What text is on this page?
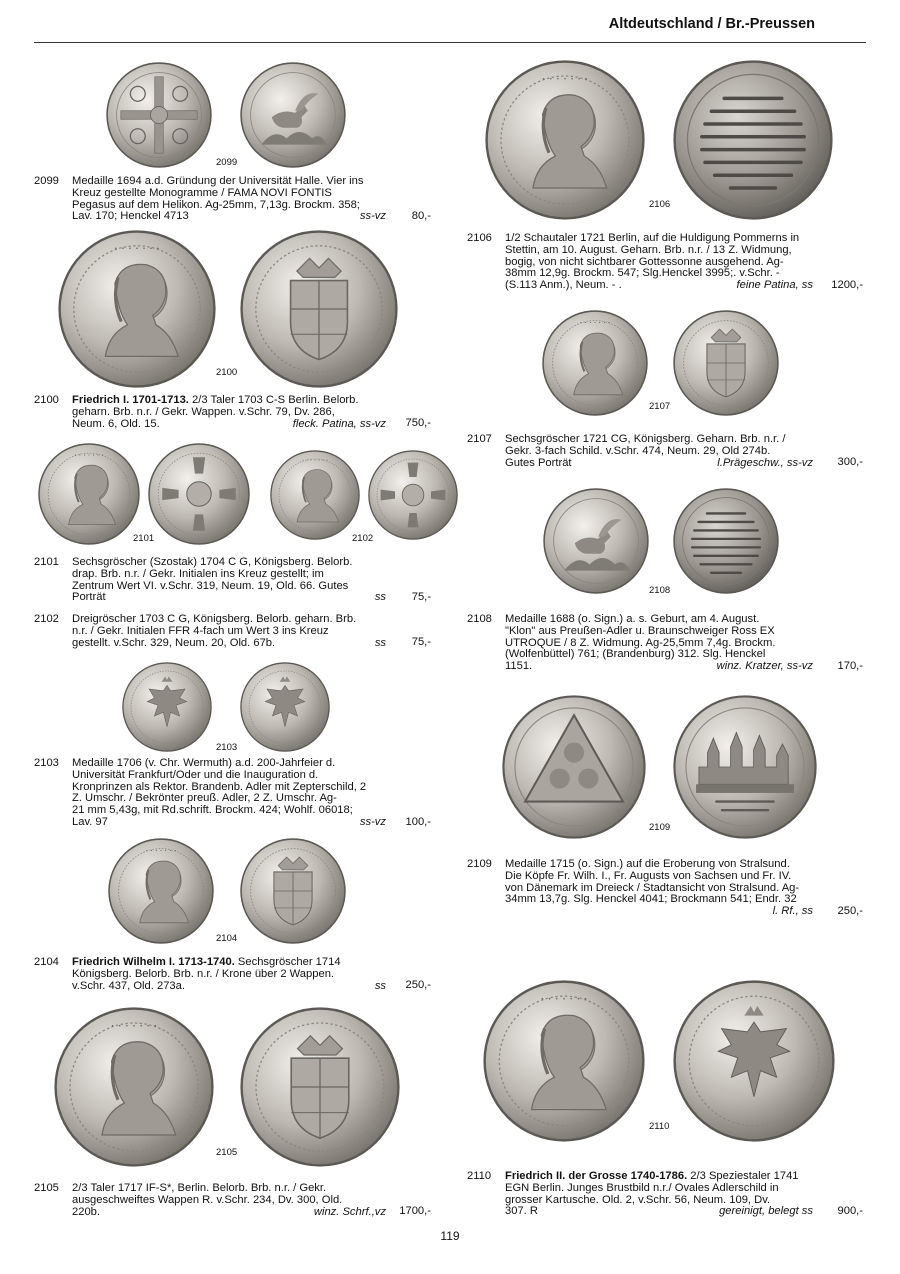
Altdeutschland / Br.-Preussen
2099
2100
2101	2102
2103
2104
2105
2106
2107
2108
2109
2110
2099 Medaille 1694 a.d. Gründung der Universität Halle. Vier ins
Kreuz gestellte Monogramme / FAMA NOVI FONTIS
Pegasus auf dem Helikon. Ag-25mm, 7,13g. Brockm. 358;
Lav. 170; Henckel 4713	ss-vz 80,-
2100 Friedrich I. 1701-1713. 2/3 Taler 1703 C-S Berlin. Belorb.
geharn. Brb. n.r. / Gekr. Wappen. v.Schr. 79, Dv. 286,
Neum. 6, Old. 15.	fleck. Patina, ss-vz 750,-
2101 Sechsgröscher (Szostak) 1704 C G, Königsberg. Belorb.
drap. Brb. n.r. / Gekr. Initialen ins Kreuz gestellt; im
Zentrum Wert VI. v.Schr. 319, Neum. 19, Old. 66. Gutes
Porträt	ss 75,-
2102 Dreigröscher 1703 C G, Königsberg. Belorb. geharn. Brb.
n.r. / Gekr. Initialen FFR 4-fach um Wert 3 ins Kreuz
gestellt. v.Schr. 329, Neum. 20, Old. 67b.	ss 75,-
2103 Medaille 1706 (v. Chr. Wermuth) a.d. 200-Jahrfeier d.
Universität Frankfurt/Oder und die Inauguration d.
Kronprinzen als Rektor. Brandenb. Adler mit Zepterschild, 2
Z. Umschr. / Bekrönter preuß. Adler, 2 Z. Umschr. Ag-
21 mm 5,43g, mit Rd.schrift. Brockm. 424; Wohlf. 06018;
Lav. 97	ss-vz 100,-
2104 Friedrich Wilhelm I. 1713-1740. Sechsgröscher 1714
Königsberg. Belorb. Brb. n.r. / Krone über 2 Wappen.
v.Schr. 437, Old. 273a.	ss 250,-
2105 2/3 Taler 1717 IF-S*, Berlin. Belorb. Brb. n.r. / Gekr.
ausgeschweiftes Wappen R. v.Schr. 234, Dv. 300, Old.
220b.	winz. Schrf.,vz 1700,-
2106 1/2 Schautaler 1721 Berlin, auf die Huldigung Pommerns in
Stettin, am 10. August. Geharn. Brb. n.r. / 13 Z. Widmung,
bogig, von nicht sichtbarer Gottessonne ausgehend. Ag-
38mm 12,9g. Brockm. 547; Slg.Henckel 3995;. v.Schr. -
(S.113 Anm.), Neum. - .	feine Patina, ss 1200,-
2107 Sechsgröscher 1721 CG, Königsberg. Geharn. Brb. n.r. /
Gekr. 3-fach Schild. v.Schr. 474, Neum. 29, Old 274b.
Gutes Porträt	l.Prägeschw., ss-vz 300,-
2108 Medaille 1688 (o. Sign.) a. s. Geburt, am 4. August.
"Klon" aus Preußen-Adler u. Braunschweiger Ross EX
UTROQUE / 8 Z. Widmung. Ag-25,5mm 7,4g. Brockm.
(Wolfenbüttel) 761; (Brandenburg) 312. Slg. Henckel
1151.	winz. Kratzer, ss-vz 170,-
2109 Medaille 1715 (o. Sign.) auf die Eroberung von Stralsund.
Die Köpfe Fr. Wilh. I., Fr. Augusts von Sachsen und Fr. IV.
von Dänemark im Dreieck / Stadtansicht von Stralsund. Ag-
34mm 13,7g. Slg. Henckel 4041; Brockmann 541; Endr. 32
l. Rf., ss 250,-
2110 Friedrich II. der Grosse 1740-1786. 2/3 Speziestaler 1741
EGN Berlin. Junges Brustbild n.r./ Ovales Adlerschild in
grosser Kartusche. Old. 2, v.Schr. 56, Neum. 109, Dv.
307. R	gereinigt, belegt ss 900,-
119
